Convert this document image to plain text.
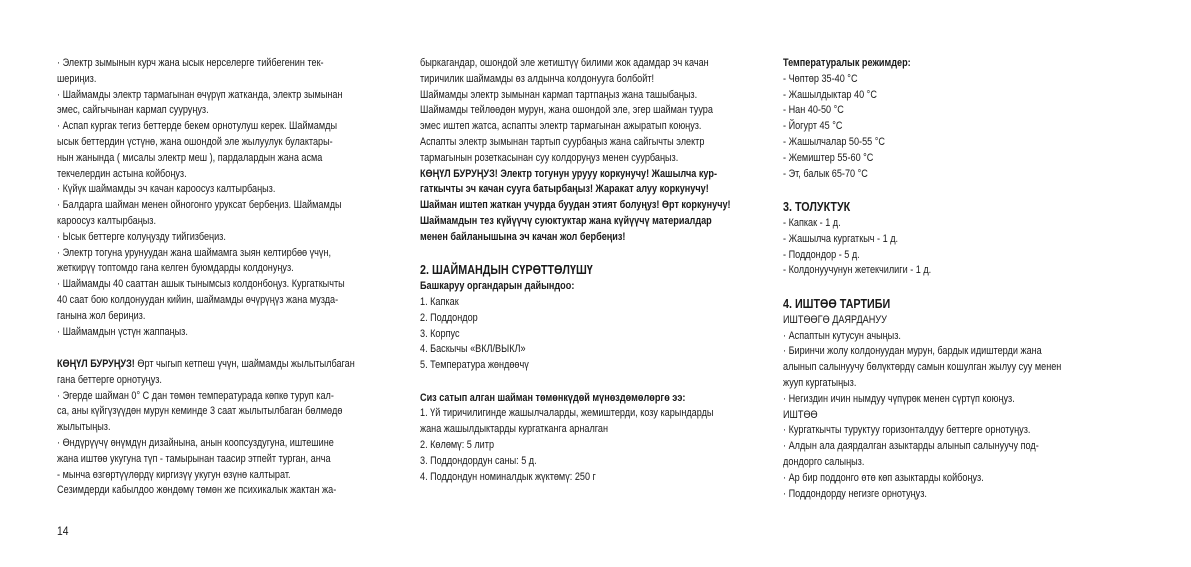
· Электр зымынын курч жана ысык нерселерге тийбегенин тек-
шериңиз.
· Шаймамды электр тармагынан өчүрүп жатканда, электр зымынан
эмес, сайгычынан кармап сууруңуз.
· Аспап кургак тегиз беттерде бекем орнотулуш керек. Шаймамды
ысык беттердин үстүнө, жана ошондой эле жылуулук булактары-
нын жанында ( мисалы электр меш ), пардалардын жана асма
текчелердин астына койбоңуз.
· Күйүк шаймамды эч качан кароосуз калтырбаңыз.
· Балдарга шайман менен ойногонго уруксат бербеңиз. Шаймамды
кароосуз калтырбаңыз.
· Ысык беттерге колуңузду тийгизбеңиз.
· Электр тогуна урунуудан жана шаймамга зыян келтирбөө үчүн,
жеткирүү топтомдо гана келген буюмдарды колдонуңуз.
· Шаймамды 40 сааттан ашык тынымсыз колдонбоңуз. Кургаткычты
40 саат бою колдонуудан кийин, шаймамды өчүрүңүз жана музда-
ганына жол бериңиз.
· Шаймамдын үстүн жаппаңыз.
КӨҢҮЛ БУРУҢУЗ! Өрт чыгып кетпеш үчүн, шаймамды жылытылбаган
гана беттерге орнотуңуз.
· Эгерде шайман 0° С дан төмөн температурада көпкө туруп кал-
са, аны күйгүзүүдөн мурун кеминде 3 саат жылытылбаган бөлмөдө
жылытыңыз.
· Өндүрүүчү өнүмдүн дизайнына, анын коопсуздугуна, иштешине
жана иштөө укугуна түп - тамырынан таасир этпейт турган, анча
- мынча өзгөртүүлөрдү киргизүү укугун өзүнө калтырат.
Сезимдерди кабылдоо жөндөмү төмөн же психикалык жактан жа-
быркагандар, ошондой эле жетиштүү билими жок адамдар эч качан
тиричилик шаймамды өз алдынча колдонууга болбойт!
Шаймамды электр зымынан кармап тартпаңыз жана ташыбаңыз.
Шаймамды тейлөөдөн мурун, жана ошондой эле, эгер шайман туура
эмес иштеп жатса, аспапты электр тармагынан ажыратып коюңуз.
Аспапты электр зымынан тартып суурбаңыз жана сайгычты электр
тармагынын розеткасынан суу колдоруңуз менен суурбаңыз.
КӨҢҮЛ БУРУҢУЗ! Электр тогунун урууу коркунучу! Жашылча кур-
гаткычты эч качан сууга батырбаңыз! Жаракат алуу коркунучу!
Шайман иштеп жаткан учурда буудан этият болуңуз! Өрт коркунучу!
Шаймамдын тез күйүүчү суюктуктар жана күйүүчү материалдар
менен байланышына эч качан жол бербеңиз!
2. ШАЙМАНДЫН СҮРӨТТӨЛҮШҮ
Башкаруу органдарын дайындоо:
1. Капкак
2. Поддондор
3. Корпус
4. Баскычы «ВКЛ/ВЫКЛ»
5. Температура жөндөөчү
Сиз сатып алган шайман төмөнкүдөй мүнөздөмөлөргө ээ:
1. Үй тиричилигинде жашылчаларды, жемиштерди, козу карындарды
жана жашылдыктарды кургатканга арналган
2. Көлөмү: 5 литр
3. Поддондордун саны: 5 д.
4. Поддондун номиналдык жүктөмү: 250 г
Температуралык режимдер:
- Чөптөр 35-40 °С
- Жашылдыктар 40 °С
- Нан 40-50 °С
- Йогурт 45 °С
- Жашылчалар 50-55 °С
- Жемиштер 55-60 °С
- Эт, балык 65-70 °С
3. ТОЛУКТУК
- Капкак - 1 д.
- Жашылча кургаткыч - 1 д.
- Поддондор - 5 д.
- Колдонуучунун жетекчилиги - 1 д.
4. ИШТӨӨ ТАРТИБИ
ИШТӨӨГӨ ДАЯРДАНУУ
· Аспаптын кутусун ачыңыз.
· Биринчи жолу колдонуудан мурун, бардык идиштерди жана
алынып салынуучу бөлүктөрдү самын кошулган жылуу суу менен
жууп кургатыңыз.
· Негиздин ичин нымдуу чүпүрөк менен сүртүп коюңуз.
ИШТӨӨ
· Кургаткычты туруктуу горизонталдуу беттерге орнотуңуз.
· Алдын ала даярдалган азыктарды алынып салынуучу под-
дондорго салыңыз.
· Ар бир поддонго өтө көп азыктарды койбоңуз.
· Поддондорду негизге орнотуңуз.
14
